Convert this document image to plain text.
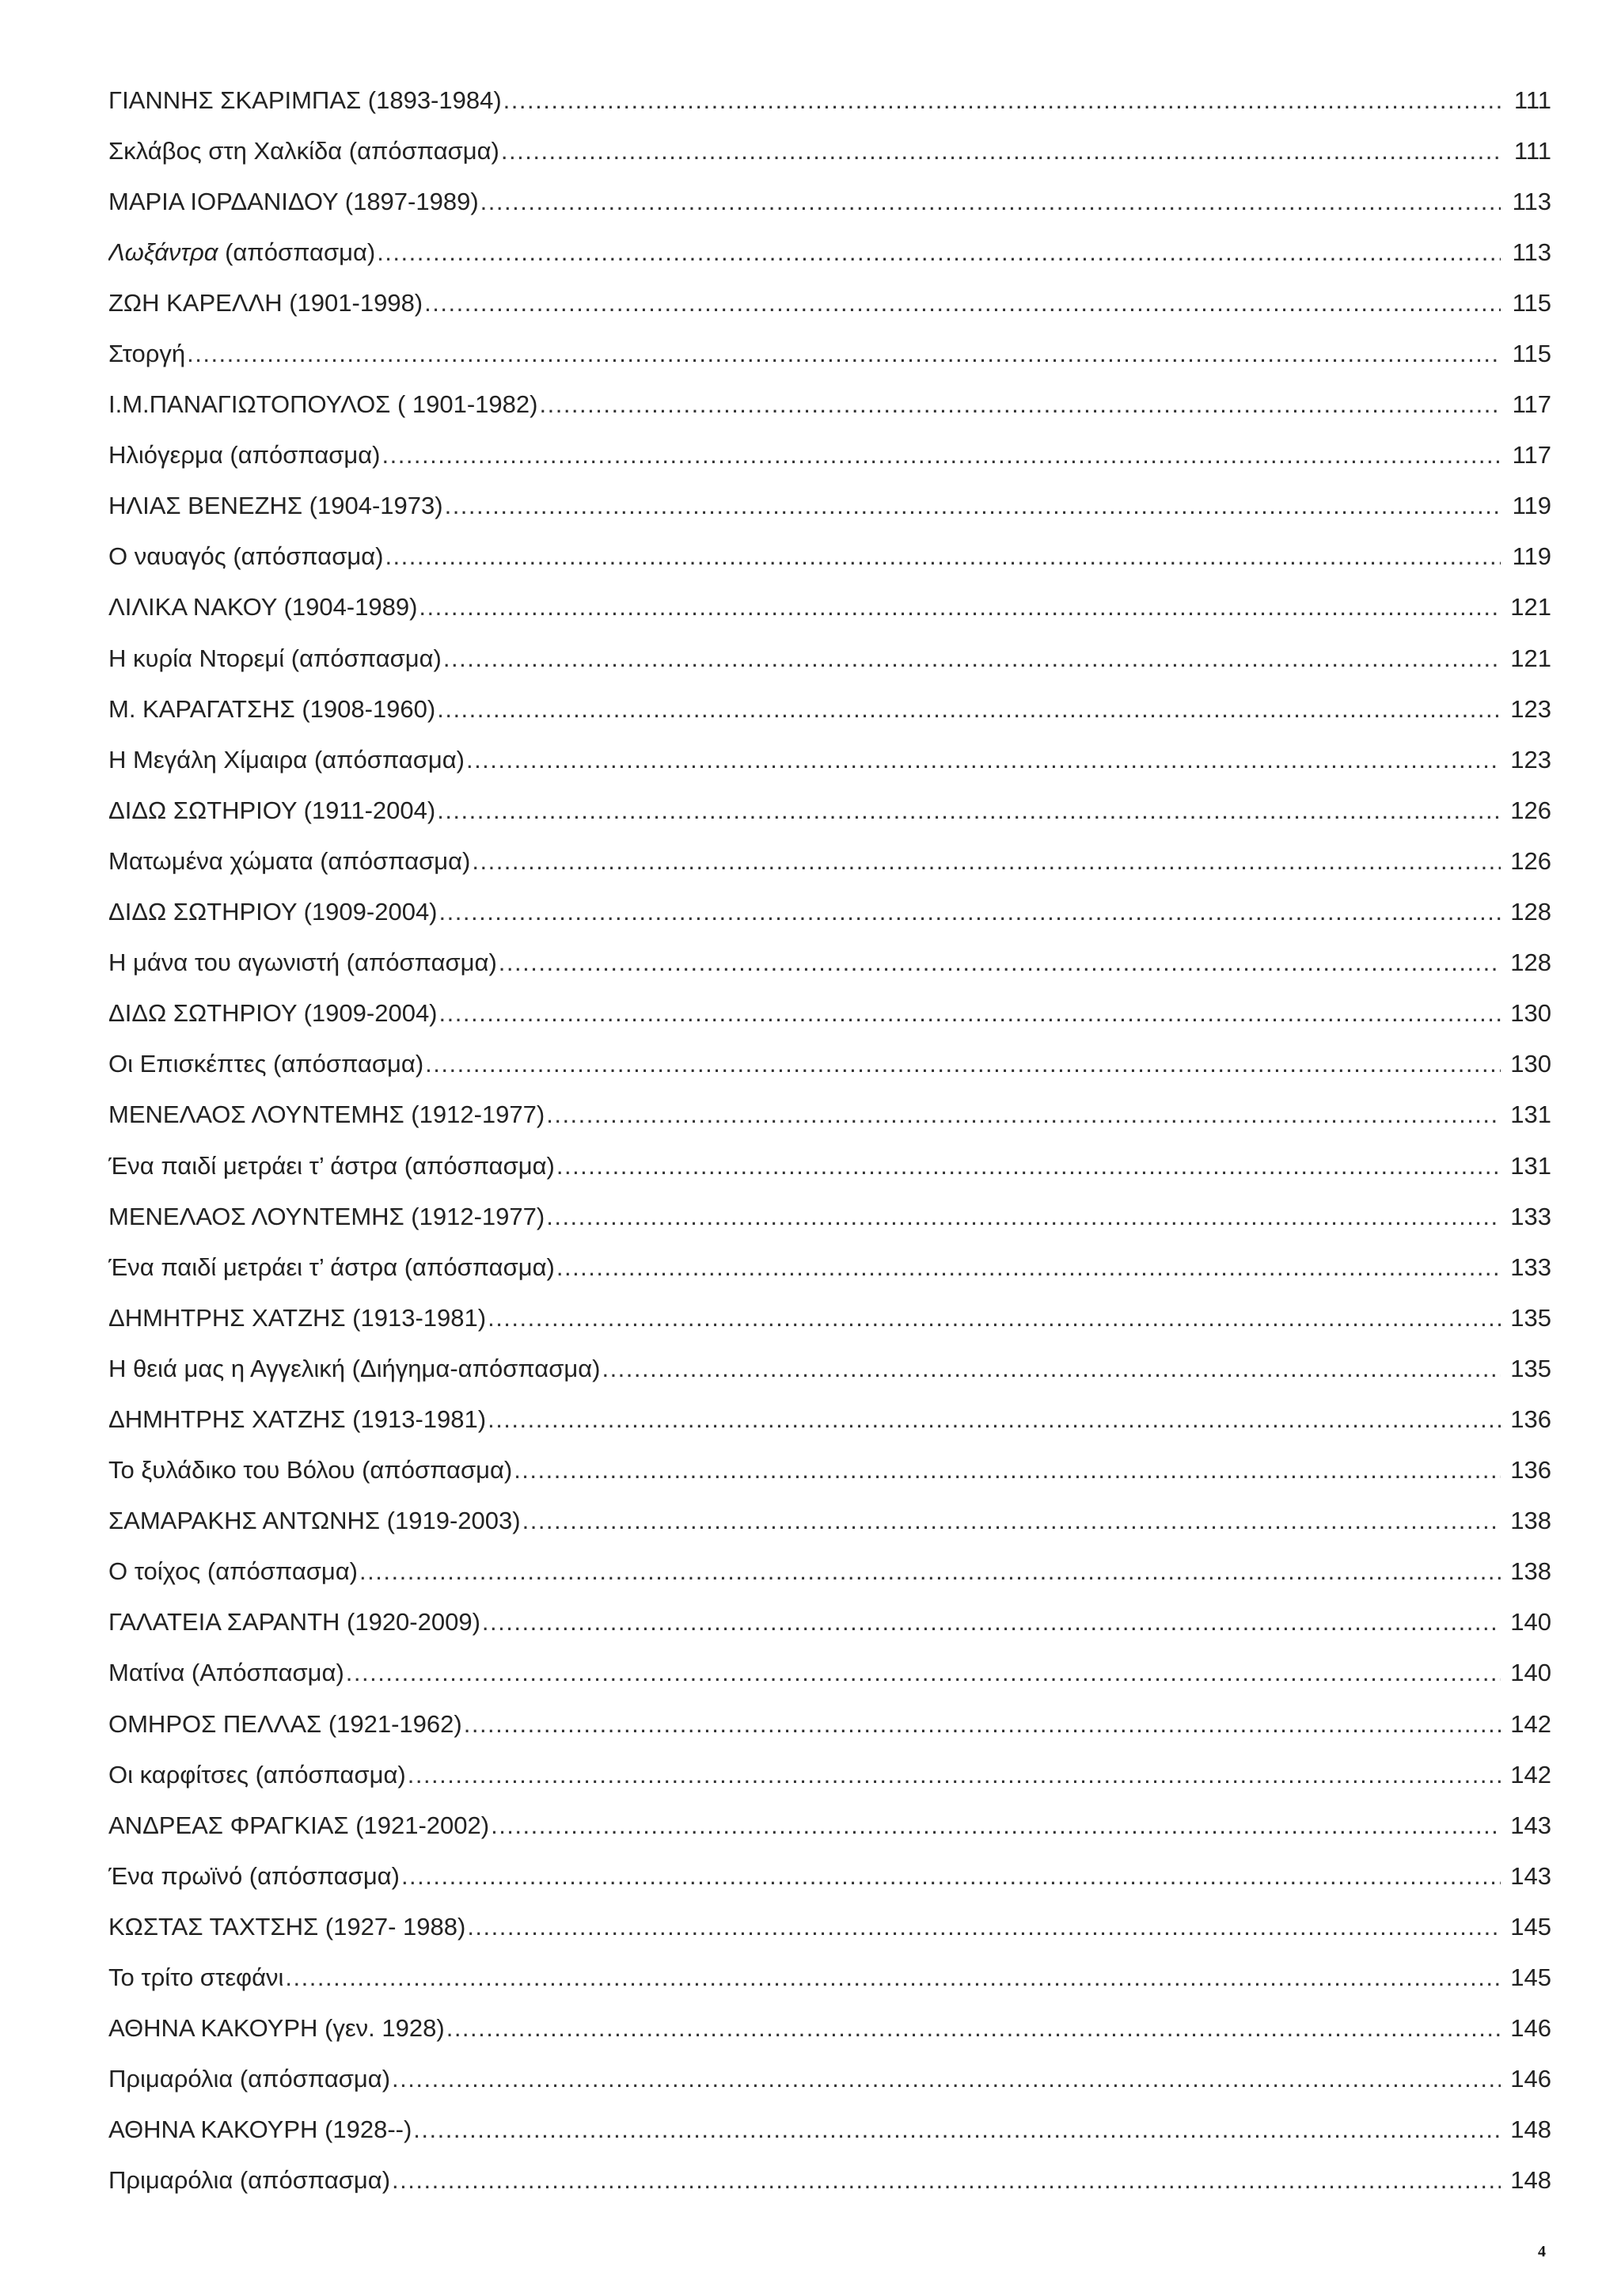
ΓΙΑΝΝΗΣ ΣΚΑΡΙΜΠΑΣ (1893-1984) .....	111
Σκλάβος στη Χαλκίδα (απόσπασμα) .....	111
ΜΑΡΙΑ ΙΟΡΔΑΝΙΔΟΥ (1897-1989) .....	113
Λωξάντρα (απόσπασμα) .....	113
ΖΩΗ ΚΑΡΕΛΛΗ (1901-1998) .....	115
Στοργή .....	115
Ι.Μ.ΠΑΝΑΓΙΩΤΟΠΟΥΛΟΣ ( 1901-1982) .....	117
Ηλιόγερμα (απόσπασμα) .....	117
ΗΛΙΑΣ ΒΕΝΕΖΗΣ (1904-1973) .....	119
Ο ναυαγός (απόσπασμα) .....	119
ΛΙΛΙΚΑ ΝΑΚΟΥ (1904-1989) .....	121
Η κυρία Ντορεμί (απόσπασμα) .....	121
Μ. ΚΑΡΑΓΑΤΣΗΣ (1908-1960) .....	123
Η Μεγάλη Χίμαιρα (απόσπασμα) .....	123
ΔΙΔΩ ΣΩΤΗΡΙΟΥ (1911-2004) .....	126
Ματωμένα χώματα (απόσπασμα) .....	126
ΔΙΔΩ ΣΩΤΗΡΙΟΥ (1909-2004) .....	128
Η μάνα του αγωνιστή (απόσπασμα) .....	128
ΔΙΔΩ ΣΩΤΗΡΙΟΥ (1909-2004) .....	130
Οι Επισκέπτες (απόσπασμα) .....	130
ΜΕΝΕΛΑΟΣ ΛΟΥΝΤΕΜΗΣ (1912-1977) .....	131
Ένα παιδί μετράει τ’ άστρα (απόσπασμα) .....	131
ΜΕΝΕΛΑΟΣ ΛΟΥΝΤΕΜΗΣ (1912-1977) .....	133
Ένα παιδί μετράει τ’ άστρα (απόσπασμα) .....	133
ΔΗΜΗΤΡΗΣ ΧΑΤΖΗΣ (1913-1981) .....	135
Η θειά μας η Αγγελική (Διήγημα-απόσπασμα) .....	135
ΔΗΜΗΤΡΗΣ ΧΑΤΖΗΣ (1913-1981) .....	136
Το ξυλάδικο του Βόλου (απόσπασμα) .....	136
ΣΑΜΑΡΑΚΗΣ ΑΝΤΩΝΗΣ (1919-2003) .....	138
Ο τοίχος (απόσπασμα) .....	138
ΓΑΛΑΤΕΙΑ ΣΑΡΑΝΤΗ (1920-2009) .....	140
Ματίνα (Απόσπασμα) .....	140
ΟΜΗΡΟΣ ΠΕΛΛΑΣ (1921-1962) .....	142
Οι καρφίτσες (απόσπασμα) .....	142
ΑΝΔΡΕΑΣ ΦΡΑΓΚΙΑΣ (1921-2002) .....	143
Ένα πρωϊνό (απόσπασμα) .....	143
ΚΩΣΤΑΣ ΤΑΧΤΣΗΣ (1927- 1988) .....	145
Το τρίτο στεφάνι .....	145
ΑΘΗΝΑ ΚΑΚΟΥΡΗ (γεν. 1928) .....	146
Πριμαρόλια (απόσπασμα) .....	146
ΑΘΗΝΑ ΚΑΚΟΥΡΗ (1928--) .....	148
Πριμαρόλια (απόσπασμα) .....	148
4
